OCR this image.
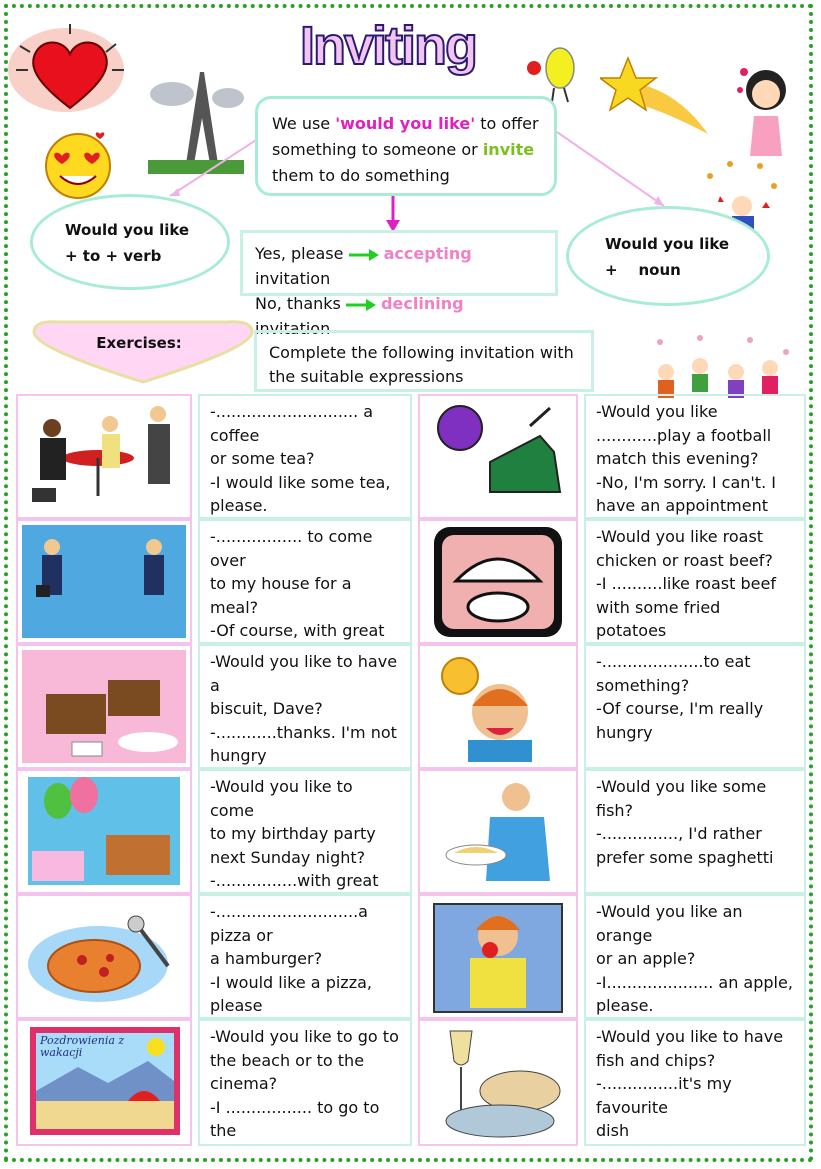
Inviting
We use 'would you like' to offer something to someone or invite them to do something
Would you like
+ to + verb
Would you like
+    noun
Yes, please	accepting invitation
No, thanks	declining invitation
Exercises:	Complete the following invitation with the suitable expressions
-............................ a coffee
or some tea?
-I would like some tea,
please.
-Would you like
............play a football
match this evening?
-No, I'm sorry. I can't. I
have an appointment
-................. to come over
to my house for a meal?
-Of course, with great
-Would you like roast
chicken or roast beef?
-I ..........like roast beef
with some fried potatoes
-Would you like to have a
biscuit, Dave?
-............thanks. I'm not
hungry
-....................to eat
something?
-Of course, I'm really
hungry
-Would you like to come
to my birthday party
next Sunday night?
-................with great
-Would you like some
fish?
-..............., I'd rather
prefer some spaghetti
-............................a pizza or
a hamburger?
-I would like a pizza,
please
-Would you like an orange
or an apple?
-I..................... an apple,
please.
Pozdrowienia z wakacji
-Would you like to go to
the beach or to the
cinema?
-I ................. to go to the
-Would you like to have
fish and chips?
-...............it's my favourite
dish
